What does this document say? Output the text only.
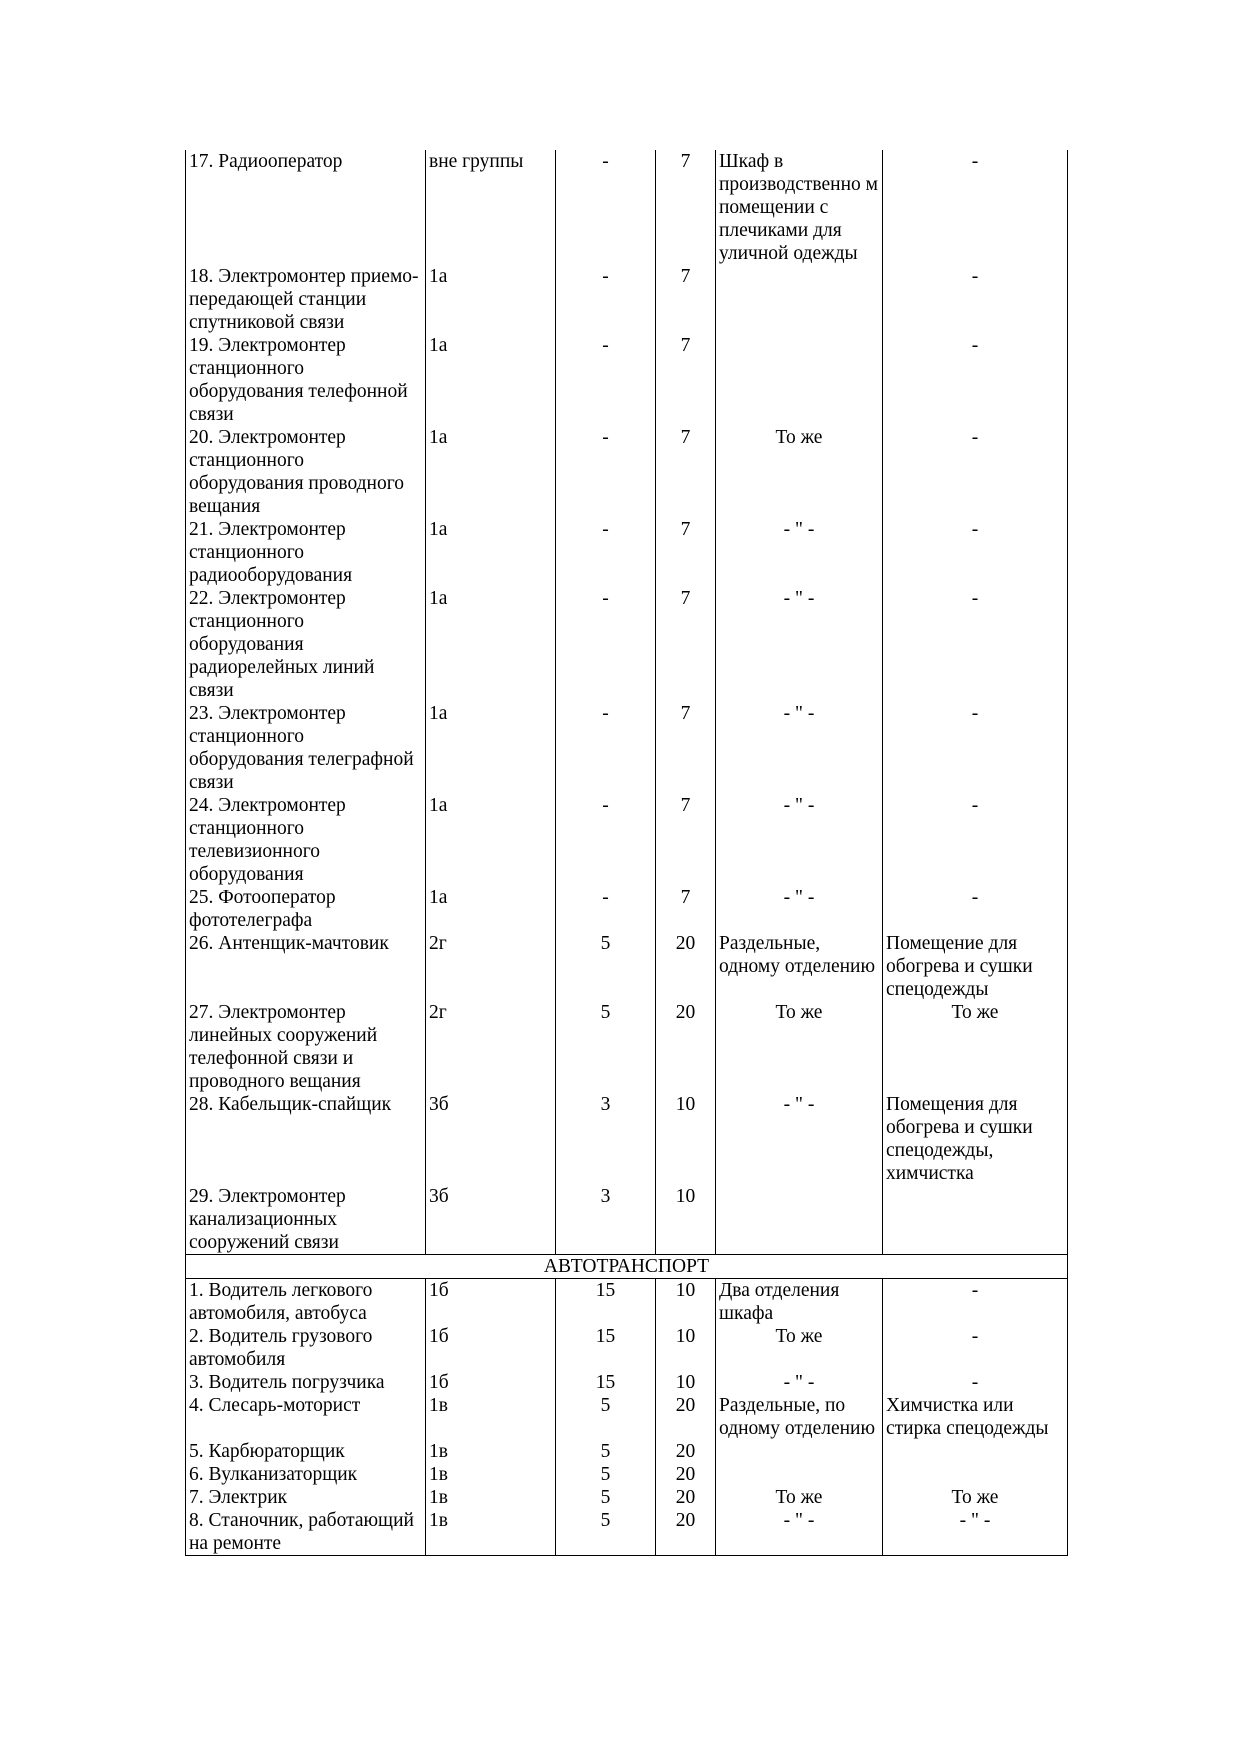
17. Радиооператор	вне группы	-	7	Шкаф в производственно м помещении с плечиками для уличной одежды	-
18. Электромонтер приемо-передающей станции спутниковой связи	1а	-	7		-
19. Электромонтер станционного оборудования телефонной связи	1а	-	7		-
20. Электромонтер станционного оборудования проводного вещания	1а	-	7	То же	-
21. Электромонтер станционного радиооборудования	1а	-	7	- " -	-
22. Электромонтер станционного оборудования радиорелейных линий связи	1а	-	7	- " -	-
23. Электромонтер станционного оборудования телеграфной связи	1а	-	7	- " -	-
24. Электромонтер станционного телевизионного оборудования	1а	-	7	- " -	-
25. Фотооператор фототелеграфа	1а	-	7	- " -	-
26. Антенщик-мачтовик	2г	5	20	Раздельные, одному отделению	Помещение для обогрева и сушки спецодежды
27. Электромонтер линейных сооружений телефонной связи и проводного вещания	2г	5	20	То же	То же
28. Кабельщик-спайщик	3б	3	10	- " -	Помещения для обогрева и сушки спецодежды, химчистка
29. Электромонтер канализационных сооружений связи	3б	3	10		
АВТОТРАНСПОРТ					
1. Водитель легкового автомобиля, автобуса	1б	15	10	Два отделения шкафа	-
2. Водитель грузового автомобиля	1б	15	10	То же	-
3. Водитель погрузчика	1б	15	10	- " -	-
4. Слесарь-моторист	1в	5	20	Раздельные, по одному отделению	Химчистка или стирка спецодежды
5. Карбюраторщик	1в	5	20		
6. Вулканизаторщик	1в	5	20		
7. Электрик	1в	5	20	То же	То же
8. Станочник, работающий на ремонте	1в	5	20	- " -	- " -
